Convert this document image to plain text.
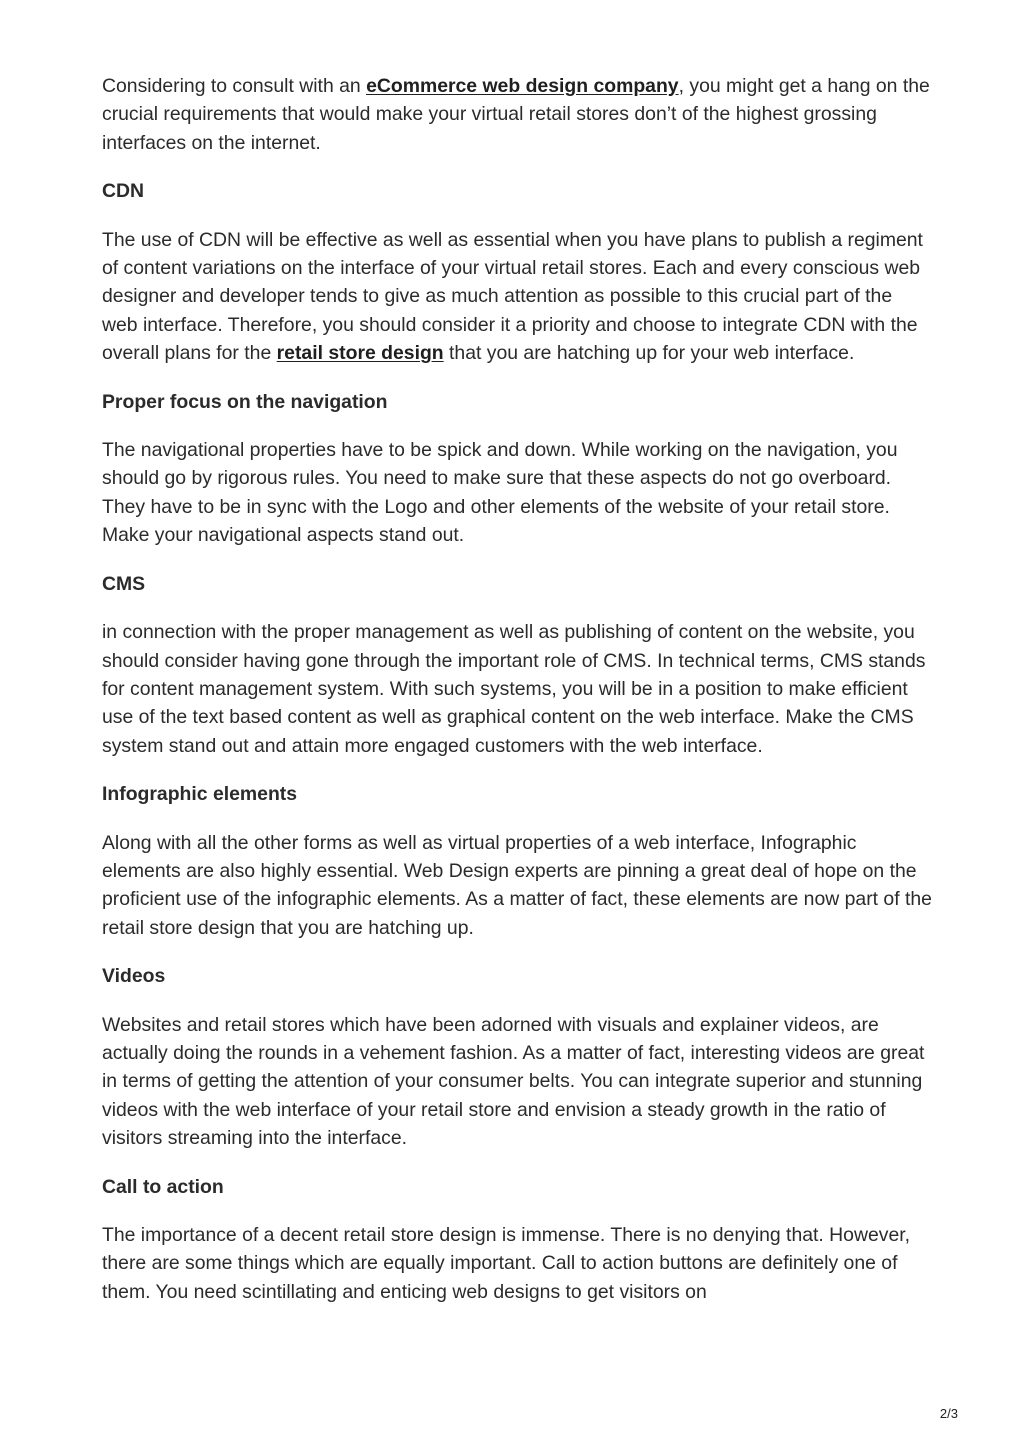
Considering to consult with an eCommerce web design company, you might get a hang on the crucial requirements that would make your virtual retail stores don’t of the highest grossing interfaces on the internet.

CDN

The use of CDN will be effective as well as essential when you have plans to publish a regiment of content variations on the interface of your virtual retail stores. Each and every conscious web designer and developer tends to give as much attention as possible to this crucial part of the web interface. Therefore, you should consider it a priority and choose to integrate CDN with the overall plans for the retail store design that you are hatching up for your web interface.

Proper focus on the navigation

The navigational properties have to be spick and down. While working on the navigation, you should go by rigorous rules. You need to make sure that these aspects do not go overboard. They have to be in sync with the Logo and other elements of the website of your retail store. Make your navigational aspects stand out.

CMS

in connection with the proper management as well as publishing of content on the website, you should consider having gone through the important role of CMS. In technical terms, CMS stands for content management system. With such systems, you will be in a position to make efficient use of the text based content as well as graphical content on the web interface. Make the CMS system stand out and attain more engaged customers with the web interface.

Infographic elements

Along with all the other forms as well as virtual properties of a web interface, Infographic elements are also highly essential. Web Design experts are pinning a great deal of hope on the proficient use of the infographic elements. As a matter of fact, these elements are now part of the retail store design that you are hatching up.

Videos

Websites and retail stores which have been adorned with visuals and explainer videos, are actually doing the rounds in a vehement fashion. As a matter of fact, interesting videos are great in terms of getting the attention of your consumer belts. You can integrate superior and stunning videos with the web interface of your retail store and envision a steady growth in the ratio of visitors streaming into the interface.

Call to action

The importance of a decent retail store design is immense. There is no denying that. However, there are some things which are equally important. Call to action buttons are definitely one of them. You need scintillating and enticing web designs to get visitors on

2/3
